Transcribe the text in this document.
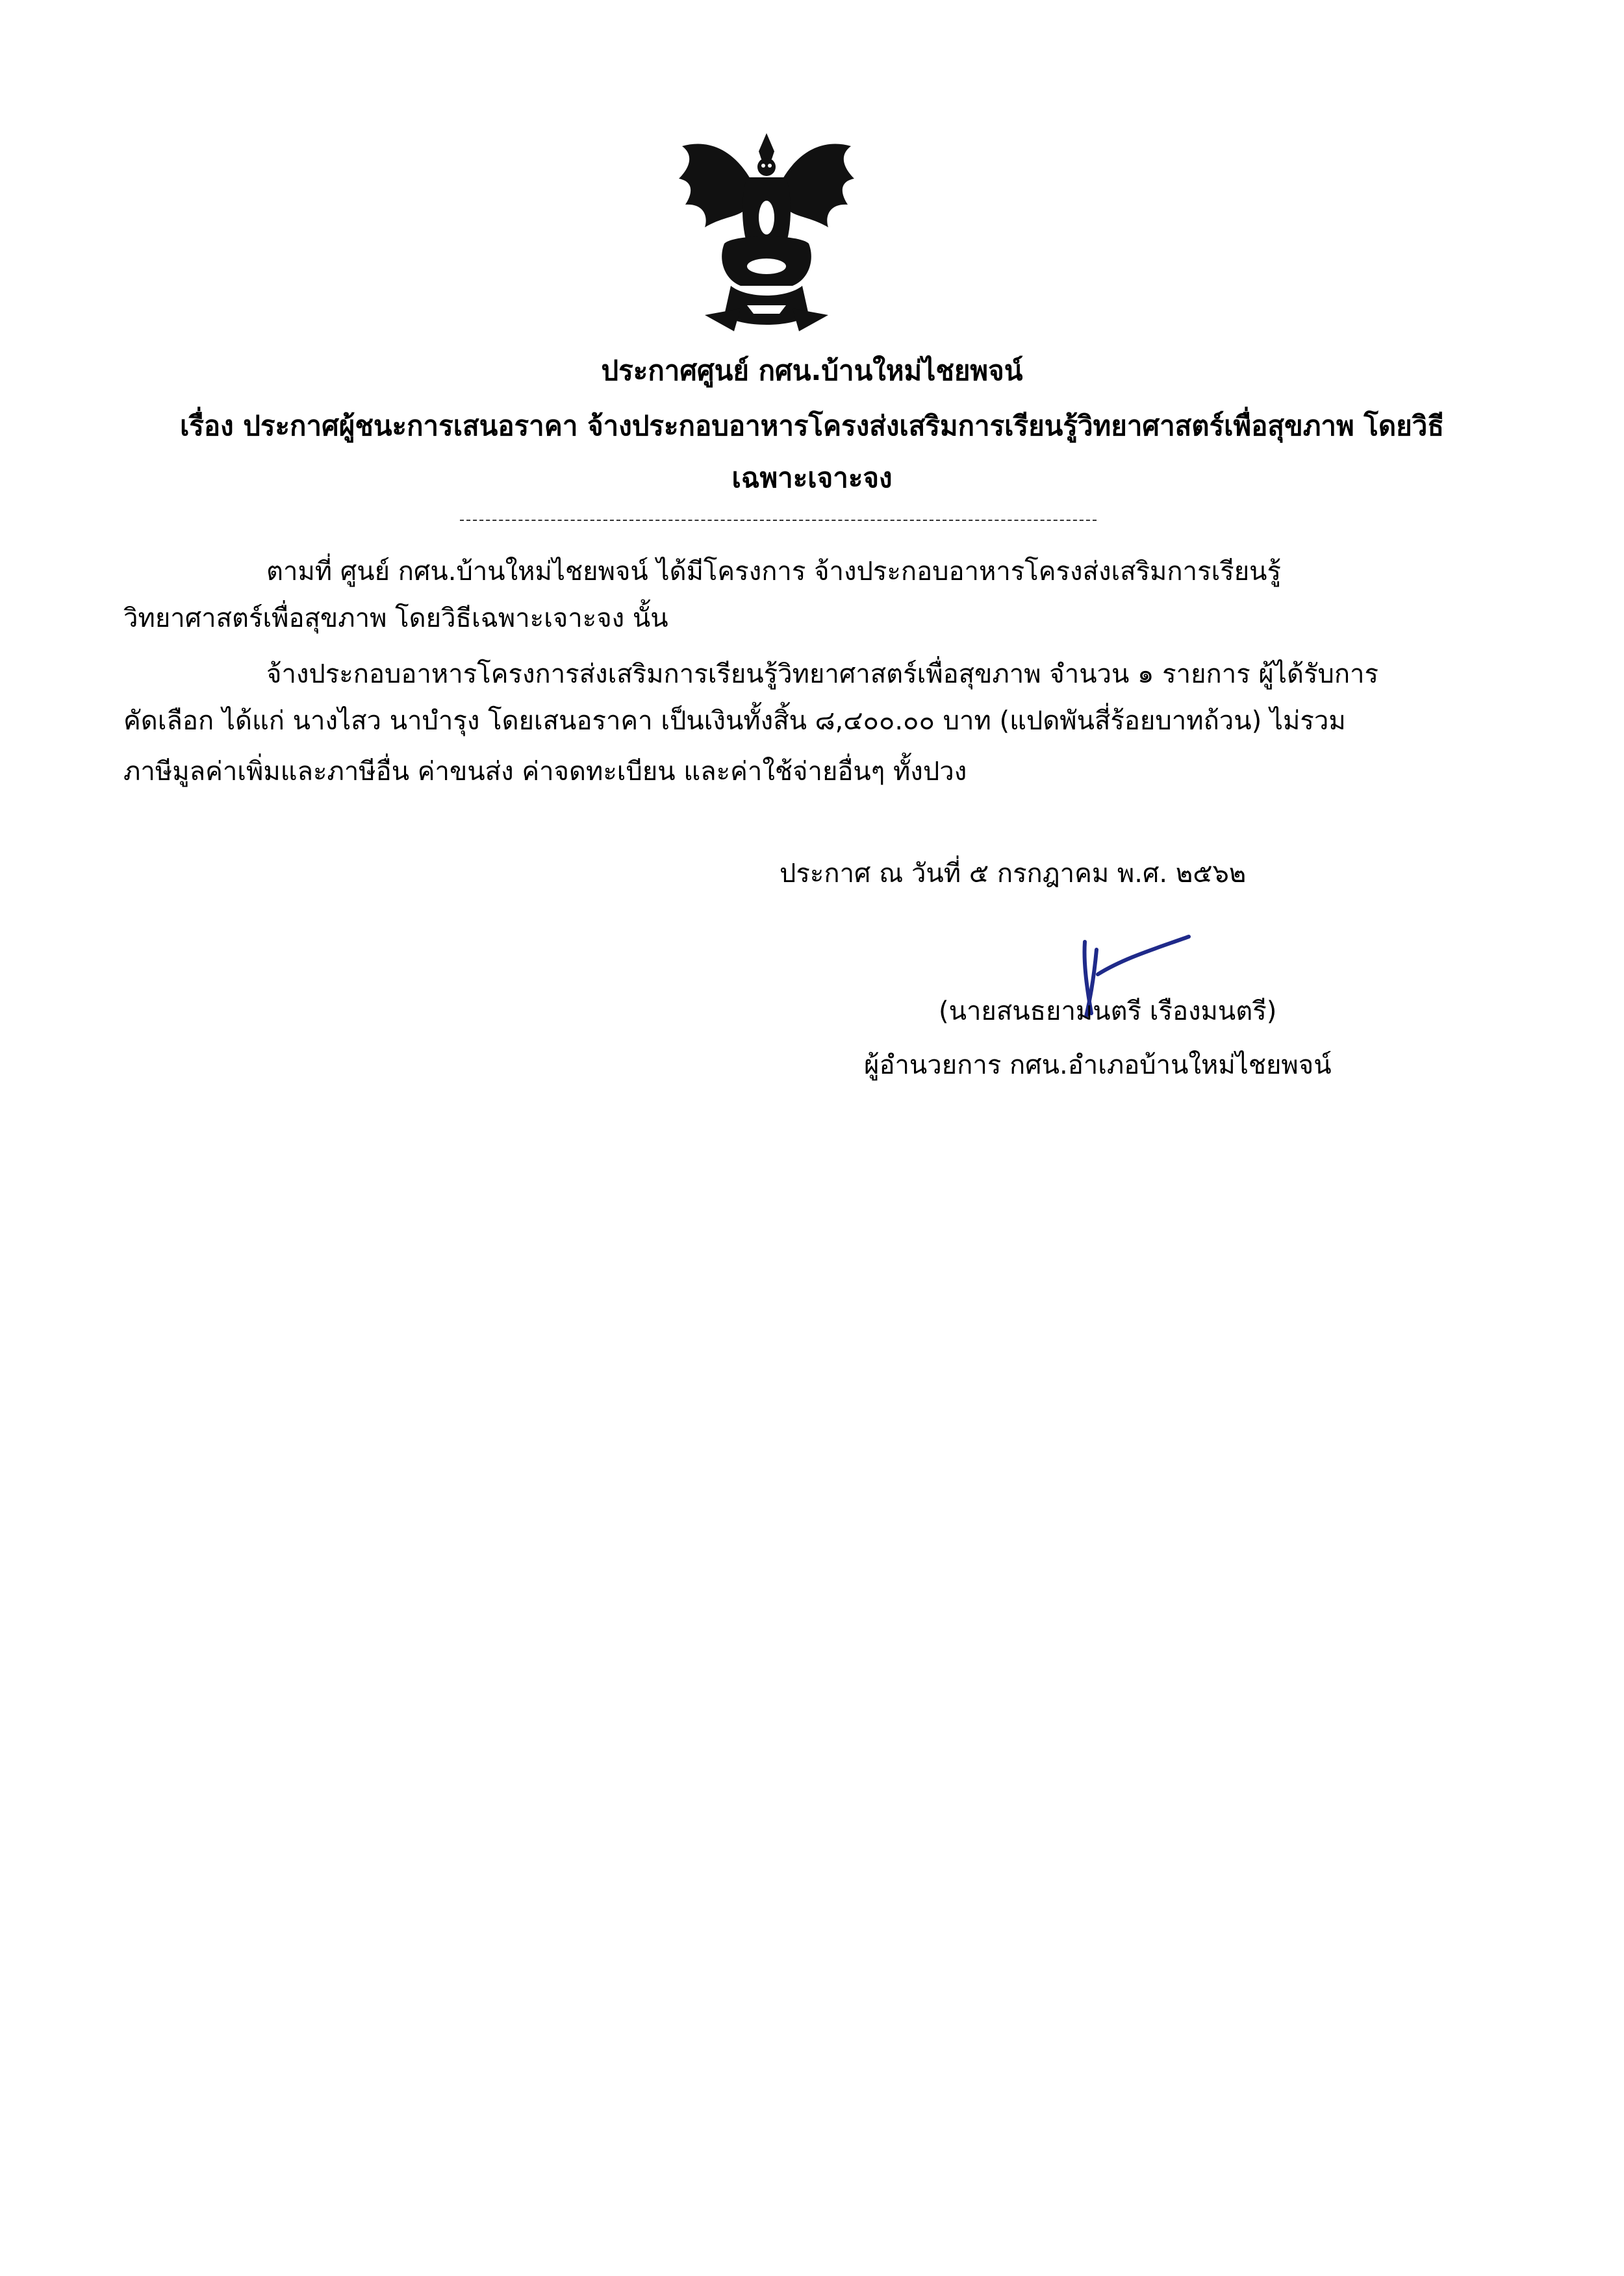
ประกาศศูนย์ กศน.บ้านใหม่ไชยพจน์
เรื่อง ประกาศผู้ชนะการเสนอราคา จ้างประกอบอาหารโครงส่งเสริมการเรียนรู้วิทยาศาสตร์เพื่อสุขภาพ โดยวิธี
เฉพาะเจาะจง
ตามที่ ศูนย์ กศน.บ้านใหม่ไชยพจน์ ได้มีโครงการ จ้างประกอบอาหารโครงส่งเสริมการเรียนรู้
วิทยาศาสตร์เพื่อสุขภาพ โดยวิธีเฉพาะเจาะจง นั้น
จ้างประกอบอาหารโครงการส่งเสริมการเรียนรู้วิทยาศาสตร์เพื่อสุขภาพ จำนวน ๑ รายการ ผู้ได้รับการ
คัดเลือก ได้แก่ นางไสว นาบำรุง โดยเสนอราคา เป็นเงินทั้งสิ้น ๘,๔๐๐.๐๐ บาท (แปดพันสี่ร้อยบาทถ้วน) ไม่รวม
ภาษีมูลค่าเพิ่มและภาษีอื่น ค่าขนส่ง ค่าจดทะเบียน และค่าใช้จ่ายอื่นๆ ทั้งปวง
ประกาศ ณ วันที่ ๕ กรกฎาคม พ.ศ. ๒๕๖๒
(นายสนธยามนตรี เรืองมนตรี)
ผู้อำนวยการ กศน.อำเภอบ้านใหม่ไชยพจน์
